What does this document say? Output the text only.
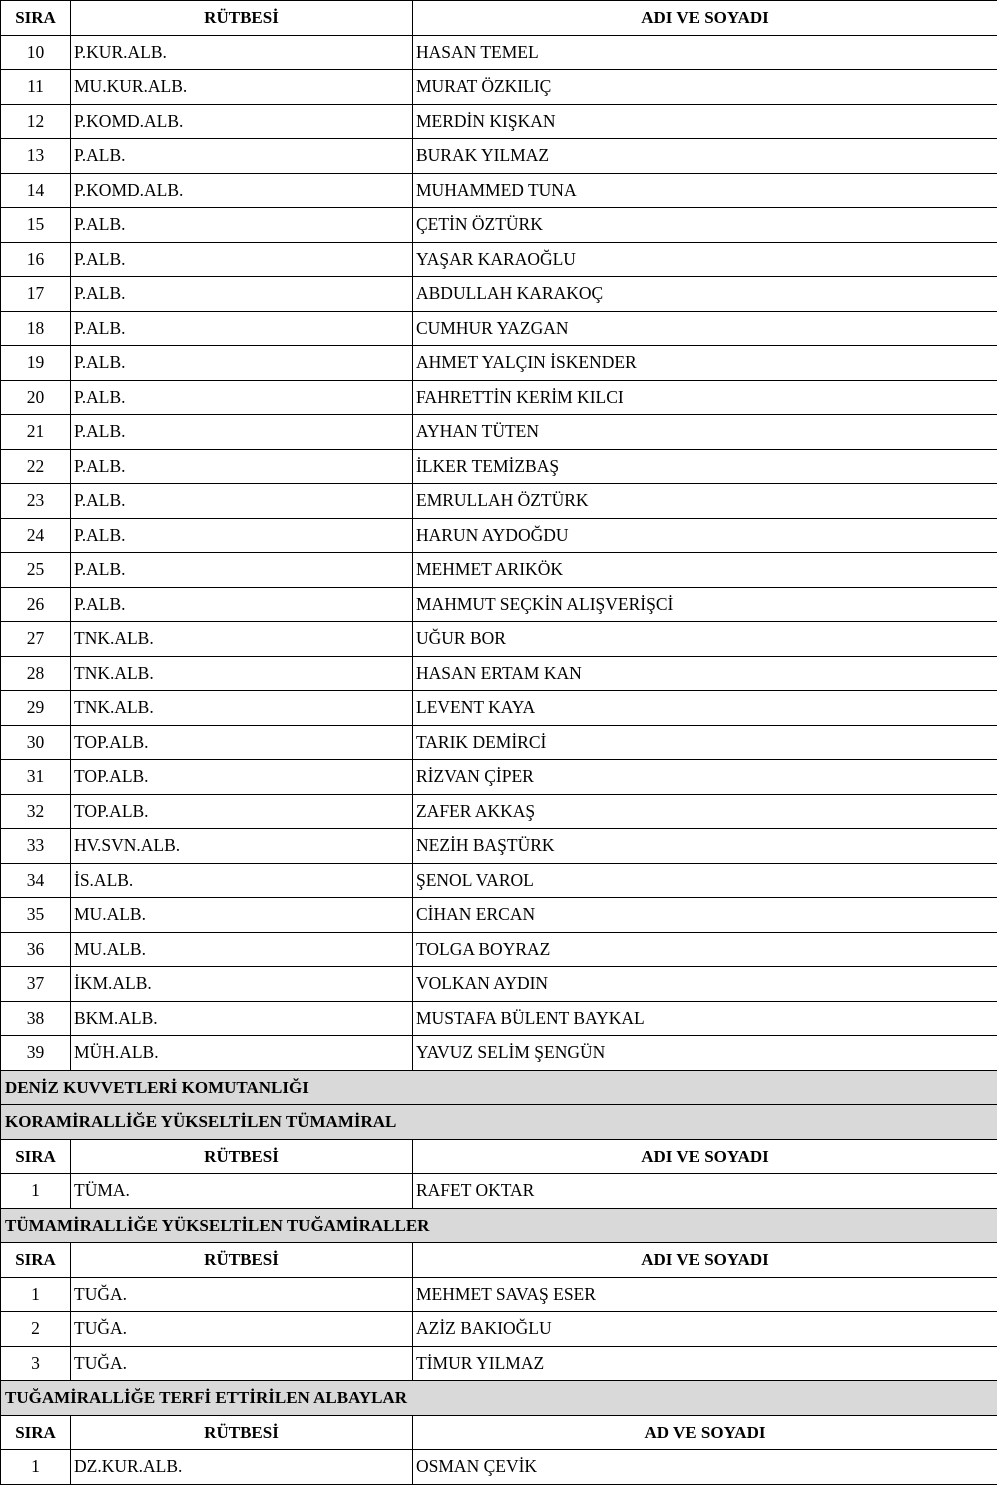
SIRA	RÜTBESİ	ADI VE SOYADI
10	P.KUR.ALB.	HASAN TEMEL
11	MU.KUR.ALB.	MURAT ÖZKILIÇ
12	P.KOMD.ALB.	MERDİN KIŞKAN
13	P.ALB.	BURAK YILMAZ
14	P.KOMD.ALB.	MUHAMMED TUNA
15	P.ALB.	ÇETİN ÖZTÜRK
16	P.ALB.	YAŞAR KARAOĞLU
17	P.ALB.	ABDULLAH KARAKOÇ
18	P.ALB.	CUMHUR YAZGAN
19	P.ALB.	AHMET YALÇIN İSKENDER
20	P.ALB.	FAHRETTİN KERİM KILCI
21	P.ALB.	AYHAN TÜTEN
22	P.ALB.	İLKER TEMİZBAŞ
23	P.ALB.	EMRULLAH ÖZTÜRK
24	P.ALB.	HARUN AYDOĞDU
25	P.ALB.	MEHMET ARIKÖK
26	P.ALB.	MAHMUT SEÇKİN ALIŞVERİŞCİ
27	TNK.ALB.	UĞUR BOR
28	TNK.ALB.	HASAN ERTAM KAN
29	TNK.ALB.	LEVENT KAYA
30	TOP.ALB.	TARIK DEMİRCİ
31	TOP.ALB.	RİZVAN ÇİPER
32	TOP.ALB.	ZAFER AKKAŞ
33	HV.SVN.ALB.	NEZİH BAŞTÜRK
34	İS.ALB.	ŞENOL VAROL
35	MU.ALB.	CİHAN ERCAN
36	MU.ALB.	TOLGA BOYRAZ
37	İKM.ALB.	VOLKAN AYDIN
38	BKM.ALB.	MUSTAFA BÜLENT BAYKAL
39	MÜH.ALB.	YAVUZ SELİM ŞENGÜN
DENİZ KUVVETLERİ KOMUTANLIĞI		
KORAMİRALLİĞE YÜKSELTİLEN TÜMAMİRAL		
SIRA	RÜTBESİ	ADI VE SOYADI
1	TÜMA.	RAFET OKTAR
TÜMAMİRALLİĞE YÜKSELTİLEN TUĞAMİRALLER		
SIRA	RÜTBESİ	ADI VE SOYADI
1	TUĞA.	MEHMET SAVAŞ ESER
2	TUĞA.	AZİZ BAKIOĞLU
3	TUĞA.	TİMUR YILMAZ
TUĞAMİRALLİĞE TERFİ ETTİRİLEN ALBAYLAR		
SIRA	RÜTBESİ	AD VE SOYADI
1	DZ.KUR.ALB.	OSMAN ÇEVİK
